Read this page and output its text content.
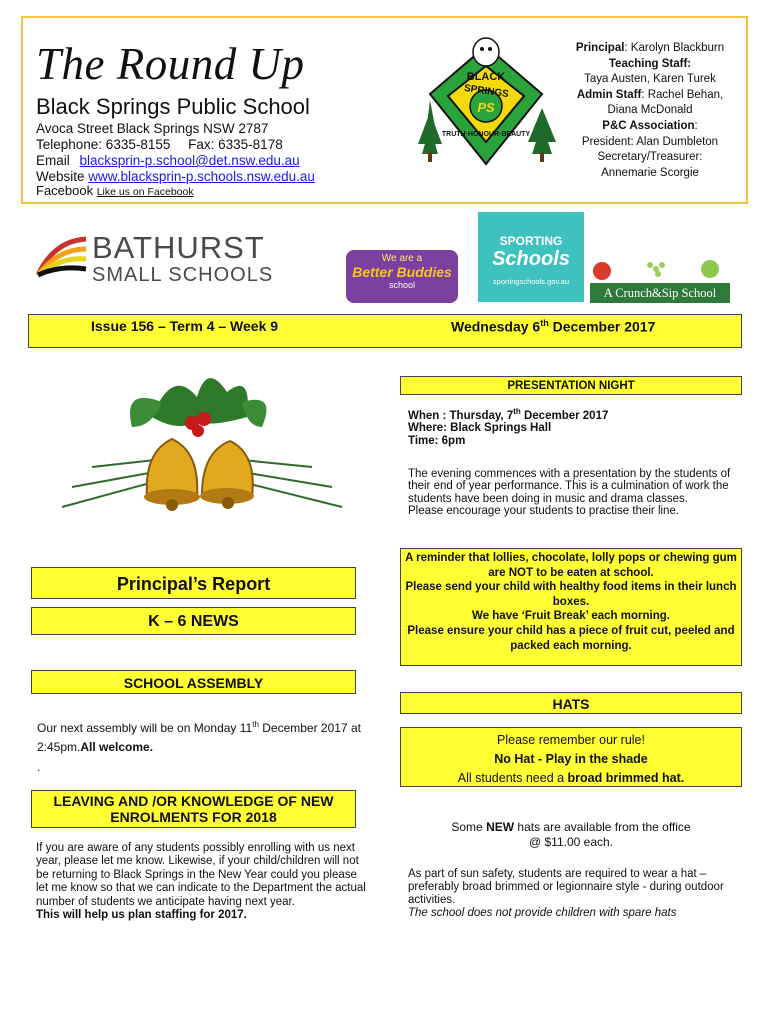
The Round Up
Black Springs Public School
Avoca Street Black Springs NSW 2787
Telephone: 6335-8155 Fax: 6335-8178
Email blacksprin-p.school@det.nsw.edu.au
Website www.blacksprin-p.schools.nsw.edu.au
Facebook Like us on Facebook
BLACK
SPRINGS
PS
TRUTH·HONOUR·BEAUTY
Principal: Karolyn Blackburn
Teaching Staff:
Taya Austen, Karen Turek
Admin Staff: Rachel Behan,
Diana McDonald
P&C Association:
President: Alan Dumbleton
Secretary/Treasurer:
Annemarie Scorgie
BATHURST
SMALL SCHOOLS
We are a
Better Buddies
school
SPORTING
Schools
sportingschools.gov.au
A Crunch&Sip School
Issue 156 – Term 4 – Week 9	Wednesday 6th December 2017
PRESENTATION NIGHT
When : Thursday, 7th December 2017
Where: Black Springs Hall
Time: 6pm

The evening commences with a presentation by the students of their end of year performance. This is a culmination of work the students have been doing in music and drama classes.

Please encourage your students to practise their line.

A reminder that lollies, chocolate, lolly pops or chewing gum are NOT to be eaten at school.
Please send your child with healthy food items in their lunch boxes.
We have ‘Fruit Break’ each morning.
Please ensure your child has a piece of fruit cut, peeled and packed each morning.
Principal’s Report
K – 6 NEWS
SCHOOL ASSEMBLY
Our next assembly will be on Monday 11th December 2017 at 2:45pm.All welcome.
.
HATS
Please remember our rule!
No Hat - Play in the shade
All students need a broad brimmed hat.
Some NEW hats are available from the office
@ $11.00 each.

As part of sun safety, students are required to wear a hat – preferably broad brimmed or legionnaire style - during outdoor activities.

The school does not provide children with spare hats

LEAVING AND /OR KNOWLEDGE OF NEW ENROLMENTS FOR 2018

If you are aware of any students possibly enrolling with us next year, please let me know. Likewise, if your child/children will not be returning to Black Springs in the New Year could you please let me know so that we can indicate to the Department the actual number of students we anticipate having next year.

This will help us plan staffing for 2017.
